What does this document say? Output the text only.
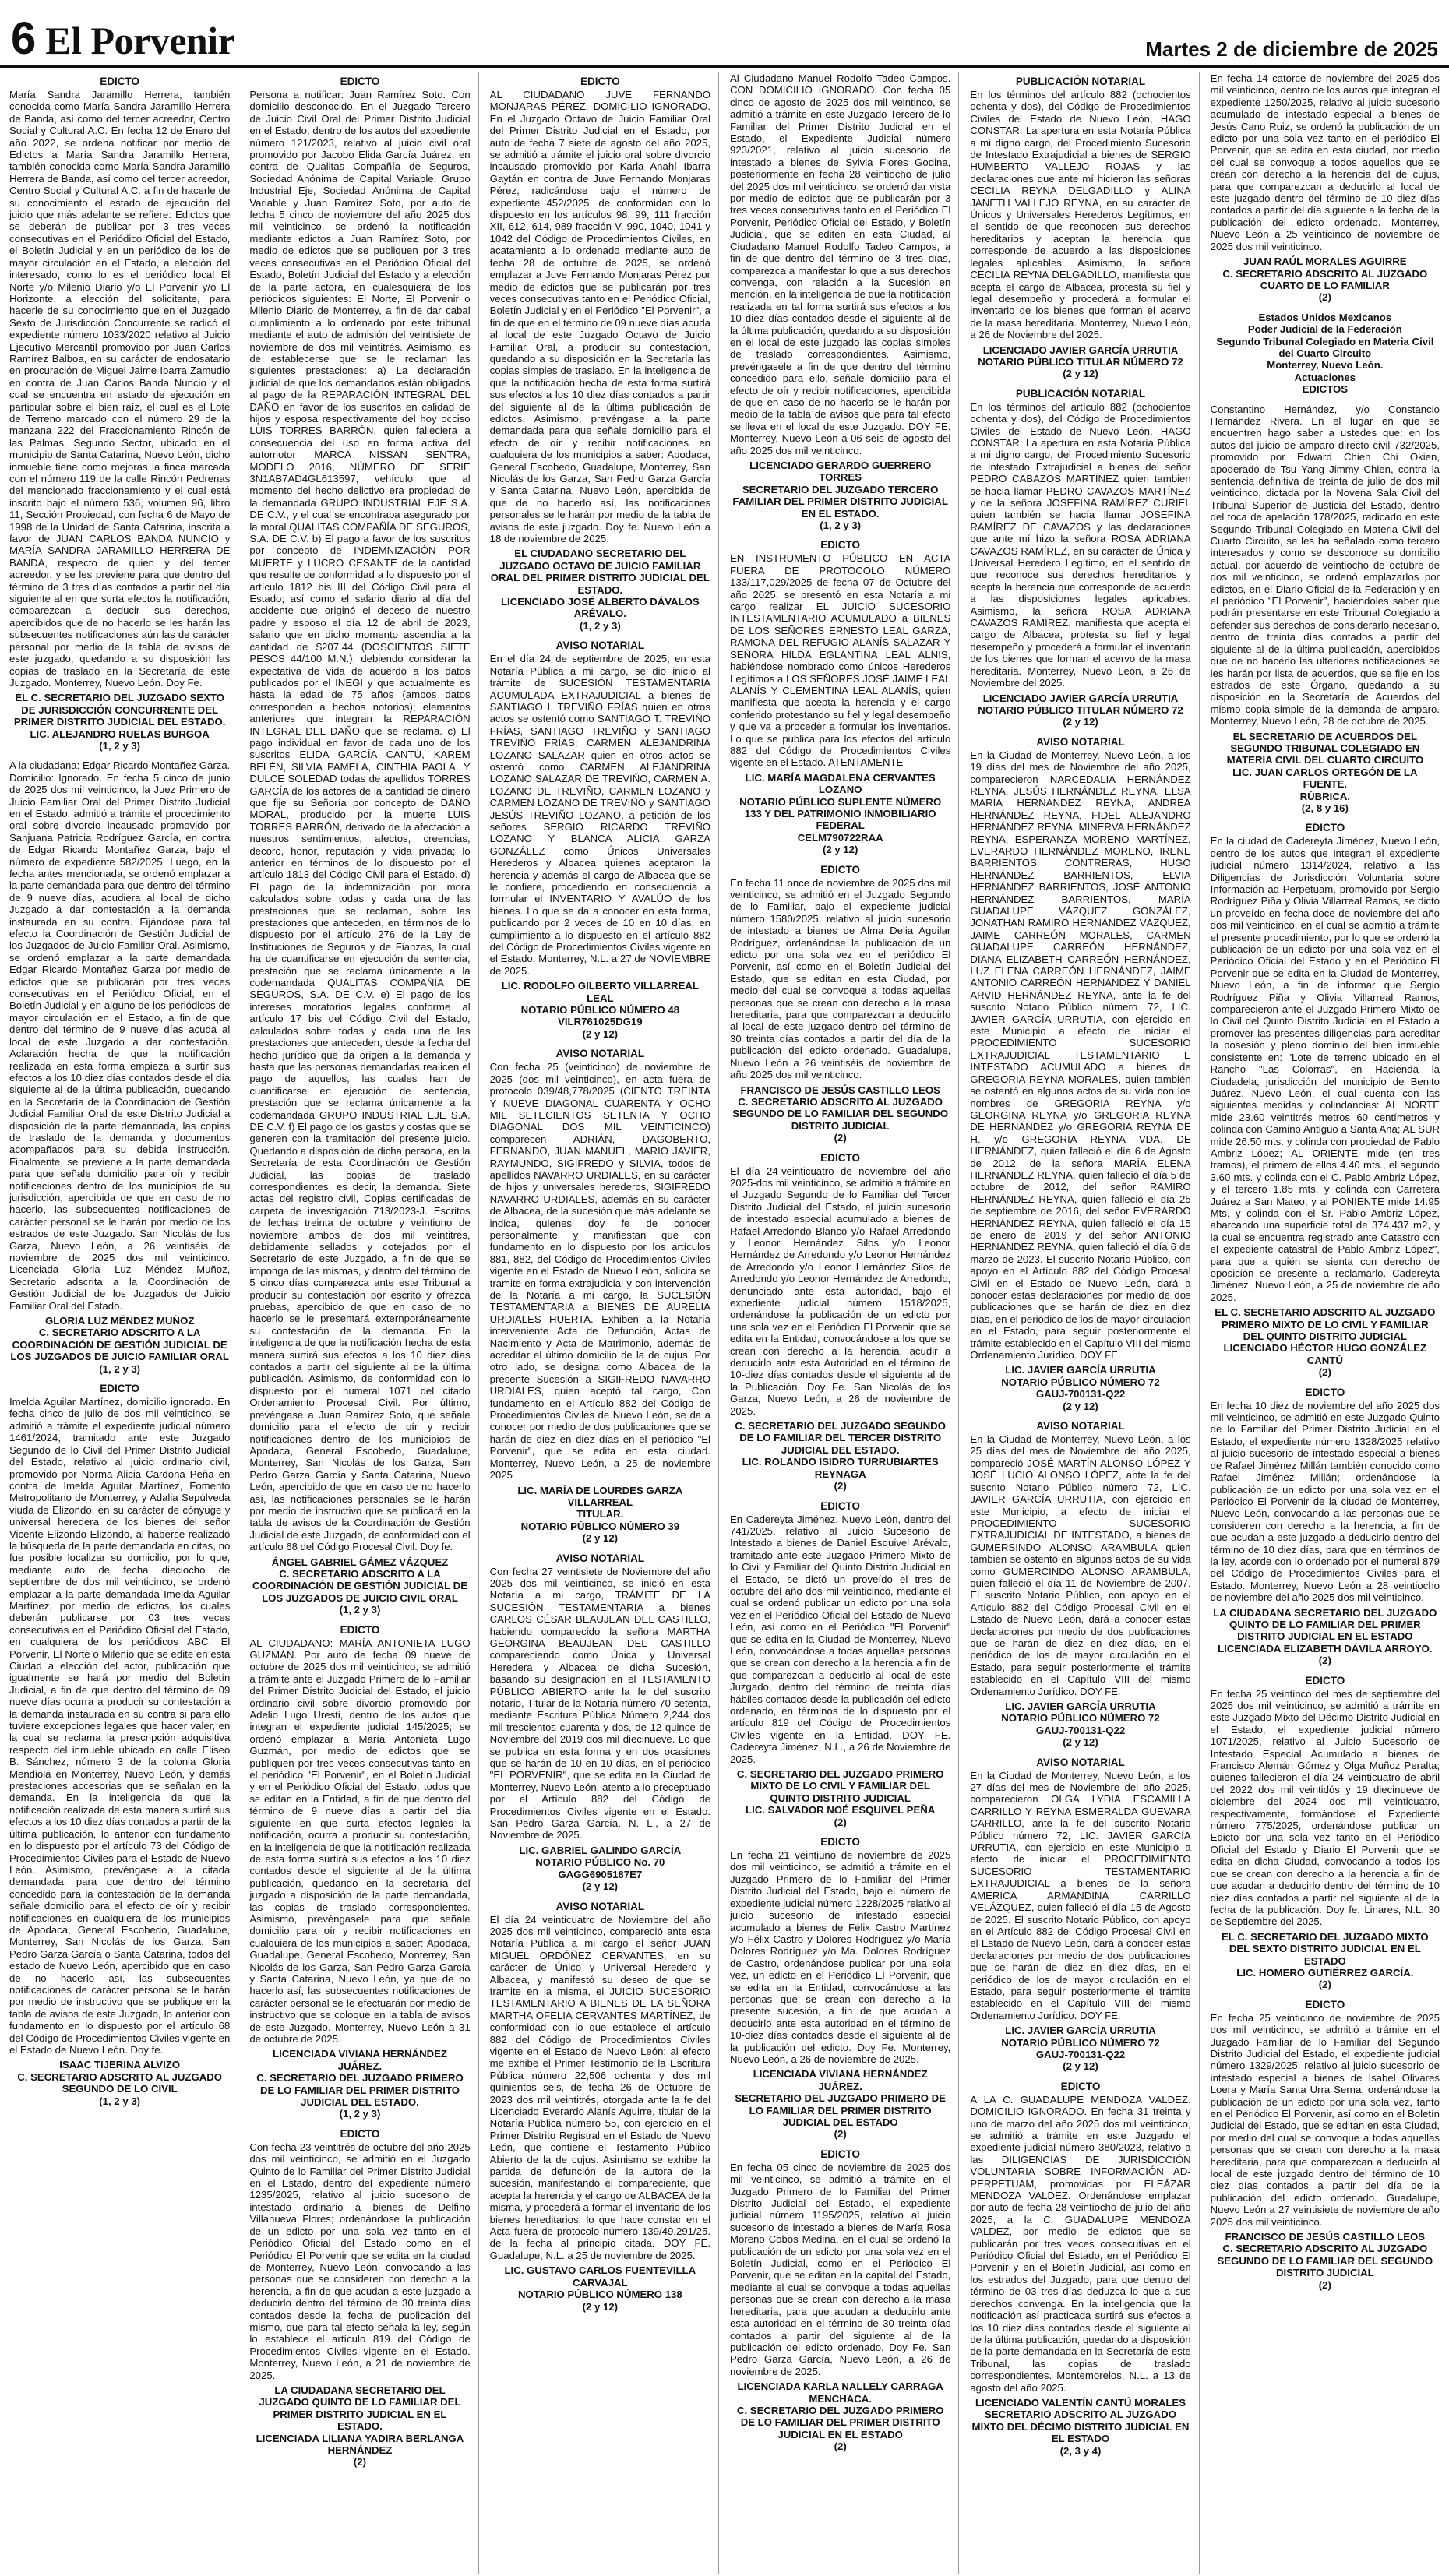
6 El Porvenir	Martes 2 de diciembre de 2025
EDICTO

María Sandra Jaramillo Herrera, también conocida como María Sandra Jaramillo Herrera de Banda, así como del tercer acreedor, Centro Social y Cultural A.C. En fecha 12 de Enero del año 2022, se ordena notificar por medio de Edictos a María Sandra Jaramillo Herrera, también conocida como María Sandra Jaramillo Herrera de Banda, así como del tercer acreedor, Centro Social y Cultural A.C. a fin de hacerle de su conocimiento el estado de ejecución del juicio que más adelante se refiere: Edictos que se deberán de publicar por 3 tres veces consecutivas en el Periódico Oficial del Estado, el Boletín Judicial y en un periódico de los de mayor circulación en el Estado, a elección del interesado, como lo es el periódico local El Norte y/o Milenio Diario y/o El Porvenir y/o El Horizonte, a elección del solicitante, para hacerle de su conocimiento que en el Juzgado Sexto de Jurisdicción Concurrente se radicó el expediente número 1033/2020 relativo al Juicio Ejecutivo Mercantil promovido por Juan Carlos Ramírez Balboa, en su carácter de endosatario en procuración de Miguel Jaime Ibarra Zamudio en contra de Juan Carlos Banda Nuncio y el cual se encuentra en estado de ejecución en particular sobre el bien raíz, el cual es el Lote de Terreno marcado con el número 29 de la manzana 222 del Fraccionamiento Rincón de las Palmas, Segundo Sector, ubicado en el municipio de Santa Catarina, Nuevo León, dicho inmueble tiene como mejoras la finca marcada con el número 119 de la calle Rincón Pedrenas del mencionado fraccionamiento y el cual está inscrito bajo el número 536, volumen 96, libro 11, Sección Propiedad, con fecha 6 de Mayo de 1998 de la Unidad de Santa Catarina, inscrita a favor de JUAN CARLOS BANDA NUNCIO y MARÍA SANDRA JARAMILLO HERRERA DE BANDA, respecto de quien y del tercer acreedor, y se les previene para que dentro del término de 3 tres días contados a partir del día siguiente al en que surta efectos la notificación, comparezcan a deducir sus derechos, apercibidos que de no hacerlo se les harán las subsecuentes notificaciones aún las de carácter personal por medio de la tabla de avisos de este juzgado, quedando a su disposición las copias de traslado en la Secretaría de este Juzgado. Monterrey, Nuevo León. Doy Fe.

EL C. SECRETARIO DEL JUZGADO SEXTO DE JURISDICCIÓN CONCURRENTE DEL PRIMER DISTRITO JUDICIAL DEL ESTADO.
LIC. ALEJANDRO RUELAS BURGOA
(1, 2 y 3)

A la ciudadana: Edgar Ricardo Montañez Garza. Domicilio: Ignorado. En fecha 5 cinco de junio de 2025 dos mil veinticinco, la Juez Primero de Juicio Familiar Oral del Primer Distrito Judicial en el Estado, admitió a trámite el procedimiento oral sobre divorcio incausado promovido por Sanjuana Patricia Rodríguez García, en contra de Edgar Ricardo Montañez Garza, bajo el número de expediente 582/2025. Luego, en la fecha antes mencionada, se ordenó emplazar a la parte demandada para que dentro del término de 9 nueve días, acudiera al local de dicho Juzgado a dar contestación a la demanda instaurada en su contra. Fijándose para tal efecto la Coordinación de Gestión Judicial de los Juzgados de Juicio Familiar Oral. Asimismo, se ordenó emplazar a la parte demandada Edgar Ricardo Montañez Garza por medio de edictos que se publicarán por tres veces consecutivas en el Periódico Oficial, en el Boletín Judicial y en alguno de los periódicos de mayor circulación en el Estado, a fin de que dentro del término de 9 nueve días acuda al local de este Juzgado a dar contestación. Aclaración hecha de que la notificación realizada en esta forma empieza a surtir sus efectos a los 10 diez días contados desde el día siguiente al de la última publicación, quedando en la Secretaría de la Coordinación de Gestión Judicial Familiar Oral de este Distrito Judicial a disposición de la parte demandada, las copias de traslado de la demanda y documentos acompañados para su debida instrucción. Finalmente, se previene a la parte demandada para que señale domicilio para oír y recibir notificaciones dentro de los municipios de su jurisdicción, apercibida de que en caso de no hacerlo, las subsecuentes notificaciones de carácter personal se le harán por medio de los estrados de este Juzgado. San Nicolás de los Garza, Nuevo León, a 26 veintiséis de noviembre de 2025 dos mil veinticinco. Licenciada Gloria Luz Méndez Muñoz, Secretario adscrita a la Coordinación de Gestión Judicial de los Juzgados de Juicio Familiar Oral del Estado.

GLORIA LUZ MÉNDEZ MUÑOZ
C. SECRETARIO ADSCRITO A LA COORDINACIÓN DE GESTIÓN JUDICIAL DE LOS JUZGADOS DE JUICIO FAMILIAR ORAL
(1, 2 y 3)

EDICTO

Imelda Aguilar Martínez, domicilio ignorado. En fecha cinco de julio de dos mil veinticinco, se admitió a trámite el expediente judicial número 1461/2024, tramitado ante este Juzgado Segundo de lo Civil del Primer Distrito Judicial del Estado, relativo al juicio ordinario civil, promovido por Norma Alicia Cardona Peña en contra de Imelda Aguilar Martínez, Fomento Metropolitano de Monterrey, y Adalia Sepúlveda viuda de Elizondo, en su carácter de cónyuge y universal heredera de los bienes del señor Vicente Elizondo Elizondo, al haberse realizado la búsqueda de la parte demandada en citas, no fue posible localizar su domicilio, por lo que, mediante auto de fecha dieciocho de septiembre de dos mil veinticinco, se ordenó emplazar a la parte demandada Imelda Aguilar Martínez, por medio de edictos, los cuales deberán publicarse por 03 tres veces consecutivas en el Periódico Oficial del Estado, en cualquiera de los periódicos ABC, El Porvenir, El Norte o Milenio que se edite en esta Ciudad a elección del actor, publicación que igualmente se hará por medio del Boletín Judicial, a fin de que dentro del término de 09 nueve días ocurra a producir su contestación a la demanda instaurada en su contra si para ello tuviere excepciones legales que hacer valer, en la cual se reclama la prescripción adquisitiva respecto del inmueble ubicado en calle Eliseo B. Sánchez, número 3 de la colonia Gloria Mendiola en Monterrey, Nuevo León, y demás prestaciones accesorias que se señalan en la demanda. En la inteligencia de que la notificación realizada de esta manera surtirá sus efectos a los 10 diez días contados a partir de la última publicación, lo anterior con fundamento en lo dispuesto por el artículo 73 del Código de Procedimientos Civiles para el Estado de Nuevo León. Asimismo, prevéngase a la citada demandada, para que dentro del término concedido para la contestación de la demanda señale domicilio para el efecto de oír y recibir notificaciones en cualquiera de los municipios de Apodaca, General Escobedo, Guadalupe, Monterrey, San Nicolás de los Garza, San Pedro Garza García o Santa Catarina, todos del estado de Nuevo León, apercibido que en caso de no hacerlo así, las subsecuentes notificaciones de carácter personal se le harán por medio de instructivo que se publique en la tabla de avisos de este Juzgado, lo anterior con fundamento en lo dispuesto por el artículo 68 del Código de Procedimientos Civiles vigente en el Estado de Nuevo León. Doy fe.

ISAAC TIJERINA ALVIZO
C. SECRETARIO ADSCRITO AL JUZGADO SEGUNDO DE LO CIVIL
(1, 2 y 3)

EDICTO

Persona a notificar: Juan Ramírez Soto. Con domicilio desconocido. En el Juzgado Tercero de Juicio Civil Oral del Primer Distrito Judicial en el Estado, dentro de los autos del expediente número 121/2023, relativo al juicio civil oral promovido por Jacobo Elida García Juárez, en contra de Qualitas Compañía de Seguros, Sociedad Anónima de Capital Variable, Grupo Industrial Eje, Sociedad Anónima de Capital Variable y Juan Ramírez Soto, por auto de fecha 5 cinco de noviembre del año 2025 dos mil veinticinco, se ordenó la notificación mediante edictos a Juan Ramírez Soto, por medio de edictos que se publiquen por 3 tres veces consecutivas en el Periódico Oficial del Estado, Boletín Judicial del Estado y a elección de la parte actora, en cualesquiera de los periódicos siguientes: El Norte, El Porvenir o Milenio Diario de Monterrey, a fin de dar cabal cumplimiento a lo ordenado por este tribunal mediante el auto de admisión del veintisiete de noviembre de dos mil veintitrés. Asimismo, es de establecerse que se le reclaman las siguientes prestaciones: a) La declaración judicial de que los demandados están obligados al pago de la REPARACIÓN INTEGRAL DEL DAÑO en favor de los suscritos en calidad de hijos y esposa respectivamente del hoy occiso LUIS TORRES BARRÓN, quien falleciera a consecuencia del uso en forma activa del automotor MARCA NISSAN SENTRA, MODELO 2016, NÚMERO DE SERIE 3N1AB7AD4GL613597, vehículo que al momento del hecho delictivo era propiedad de la demandada GRUPO INDUSTRIAL EJE S.A. DE C.V., y el cual se encontraba asegurado por la moral QUALITAS COMPAÑÍA DE SEGUROS, S.A. DE C.V. b) El pago a favor de los suscritos por concepto de INDEMNIZACIÓN POR MUERTE y LUCRO CESANTE de la cantidad que resulte de conformidad a lo dispuesto por el artículo 1812 bis III del Código Civil para el Estado; así como el salario diario al día del accidente que originó el deceso de nuestro padre y esposo el día 12 de abril de 2023, salario que en dicho momento ascendía a la cantidad de $207.44 (DOSCIENTOS SIETE PESOS 44/100 M.N.); debiendo considerar la expectativa de vida de acuerdo a los datos publicados por el INEGI y que actualmente es hasta la edad de 75 años (ambos datos corresponden a hechos notorios); elementos anteriores que integran la REPARACIÓN INTEGRAL DEL DAÑO que se reclama. c) El pago individual en favor de cada uno de los suscritos ELIDA GARCÍA CANTÚ, KAREM BELÉN, SILVIA PAMELA, CINTHIA PAOLA, Y DULCE SOLEDAD todas de apellidos TORRES GARCÍA de los actores de la cantidad de dinero que fije su Señoría por concepto de DAÑO MORAL, producido por la muerte LUIS TORRES BARRÓN, derivado de la afectación a nuestros sentimientos, afectos, creencias, decoro, honor, reputación y vida privada; lo anterior en términos de lo dispuesto por el artículo 1813 del Código Civil para el Estado. d) El pago de la indemnización por mora calculados sobre todas y cada una de las prestaciones que se reclaman, sobre las prestaciones que anteceden, en términos de lo dispuesto por el artículo 276 de la Ley de Instituciones de Seguros y de Fianzas, la cual ha de cuantificarse en ejecución de sentencia, prestación que se reclama únicamente a la codemandada QUALITAS COMPAÑÍA DE SEGUROS, S.A. DE C.V. e) El pago de los intereses moratorios legales conforme al artículo 17 bis del Código Civil del Estado, calculados sobre todas y cada una de las prestaciones que anteceden, desde la fecha del hecho jurídico que da origen a la demanda y hasta que las personas demandadas realicen el pago de aquellos, las cuales han de cuantificarse en ejecución de sentencia, prestación que se reclama únicamente a la codemandada GRUPO INDUSTRIAL EJE S.A. DE C.V. f) El pago de los gastos y costas que se generen con la tramitación del presente juicio. Quedando a disposición de dicha persona, en la Secretaría de esta Coordinación de Gestión Judicial, las copias de traslado correspondientes, es decir, la demanda. Siete actas del registro civil, Copias certificadas de carpeta de investigación 713/2023-J. Escritos de fechas treinta de octubre y veintiuno de noviembre ambos de dos mil veintitrés, debidamente sellados y cotejados por el Secretario de este Juzgado, a fin de que se imponga de las mismas, y dentro del término de 5 cinco días comparezca ante este Tribunal a producir su contestación por escrito y ofrezca pruebas, apercibido de que en caso de no hacerlo se le presentará externporáneamente su contestación de la demanda. En la inteligencia de que la notificación hecha de esta manera surtirá sus efectos a los 10 diez días contados a partir del siguiente al de la última publicación. Asimismo, de conformidad con lo dispuesto por el numeral 1071 del citado Ordenamiento Procesal Civil. Por último, prevéngase a Juan Ramírez Soto, que señale domicilio para el efecto de oír y recibir notificaciones dentro de los municipios de Apodaca, General Escobedo, Guadalupe, Monterrey, San Nicolás de los Garza, San Pedro Garza García y Santa Catarina, Nuevo León, apercibido de que en caso de no hacerlo así, las notificaciones personales se le harán por medio de instructivo que se publicará en la tabla de avisos de la Coordinación de Gestión Judicial de este Juzgado, de conformidad con el artículo 68 del Código Procesal Civil. Doy fe.

ÁNGEL GABRIEL GÁMEZ VÁZQUEZ
C. SECRETARIO ADSCRITO A LA COORDINACIÓN DE GESTIÓN JUDICIAL DE LOS JUZGADOS DE JUICIO CIVIL ORAL
(1, 2 y 3)

EDICTO

AL CIUDADANO: MARÍA ANTONIETA LUGO GUZMÁN. Por auto de fecha 09 nueve de octubre de 2025 dos mil veinticinco, se admitió a trámite ante el Juzgado Primero de lo Familiar del Primer Distrito Judicial del Estado, el juicio ordinario civil sobre divorcio promovido por Adelio Lugo Uresti, dentro de los autos que integran el expediente judicial 145/2025; se ordenó emplazar a María Antonieta Lugo Guzmán, por medio de edictos que se publiquen por tres veces consecutivas tanto en el periódico "El Porvenir", en el Boletín Judicial y en el Periódico Oficial del Estado, todos que se editan en la Entidad, a fin de que dentro del término de 9 nueve días a partir del día siguiente en que surta efectos legales la notificación, ocurra a producir su contestación, en la inteligencia de que la notificación realizada de esta forma surtirá sus efectos a los 10 diez contados desde el siguiente al de la última publicación, quedando en la secretaría del juzgado a disposición de la parte demandada, las copias de traslado correspondientes. Asimismo, prevéngasele para que señale domicilio para oír y recibir notificaciones en cualquiera de los municipios a saber: Apodaca, Guadalupe, General Escobedo, Monterrey, San Nicolás de los Garza, San Pedro Garza García y Santa Catarina, Nuevo León, ya que de no hacerlo así, las subsecuentes notificaciones de carácter personal se le efectuarán por medio de instructivo que se coloque en la tabla de avisos de este Juzgado. Monterrey, Nuevo León a 31 de octubre de 2025.

LICENCIADA VIVIANA HERNÁNDEZ JUÁREZ.
C. SECRETARIO DEL JUZGADO PRIMERO DE LO FAMILIAR DEL PRIMER DISTRITO JUDICIAL DEL ESTADO.
(1, 2 y 3)

EDICTO

Con fecha 23 veintitrés de octubre del año 2025 dos mil veinticinco, se admitió en el Juzgado Quinto de lo Familiar del Primer Distrito Judicial en el Estado, dentro del expediente número 1235/2025, relativo al juicio sucesorio de intestado ordinario a bienes de Delfino Villanueva Flores; ordenándose la publicación de un edicto por una sola vez tanto en el Periódico Oficial del Estado como en el Periódico El Porvenir que se edita en la ciudad de Monterrey, Nuevo León, convocando a las personas que se consideren con derecho a la herencia, a fin de que acudan a este juzgado a deducirlo dentro del término de 30 treinta días contados desde la fecha de publicación del mismo, que para tal efecto señala la ley, según lo establece el artículo 819 del Código de Procedimientos Civiles vigente en el Estado. Monterrey, Nuevo León, a 21 de noviembre de 2025.

LA CIUDADANA SECRETARIO DEL JUZGADO QUINTO DE LO FAMILIAR DEL PRIMER DISTRITO JUDICIAL EN EL ESTADO.
LICENCIADA LILIANA YADIRA BERLANGA HERNÁNDEZ
(2)

EDICTO

AL CIUDADANO JUVE FERNANDO MONJARAS PÉREZ. DOMICILIO IGNORADO. En el Juzgado Octavo de Juicio Familiar Oral del Primer Distrito Judicial en el Estado, por auto de fecha 7 siete de agosto del año 2025, se admitió a trámite el juicio oral sobre divorcio incausado promovido por Karla Anahí Ibarra Gaytán en contra de Juve Fernando Monjaras Pérez, radicándose bajo el número de expediente 452/2025, de conformidad con lo dispuesto en los artículos 98, 99, 111 fracción XII, 612, 614, 989 fracción V, 990, 1040, 1041 y 1042 del Código de Procedimientos Civiles, en acatamiento a lo ordenado mediante auto de fecha 28 de octubre de 2025, se ordenó emplazar a Juve Fernando Monjaras Pérez por medio de edictos que se publicarán por tres veces consecutivas tanto en el Periódico Oficial, Boletín Judicial y en el Periódico "El Porvenir", a fin de que en el término de 09 nueve días acuda al local de este Juzgado Octavo de Juicio Familiar Oral, a producir su contestación, quedando a su disposición en la Secretaría las copias simples de traslado. En la inteligencia de que la notificación hecha de esta forma surtirá sus efectos a los 10 diez días contados a partir del siguiente al de la última publicación de edictos. Asimismo, prevéngase a la parte demandada para que señale domicilio para el efecto de oír y recibir notificaciones en cualquiera de los municipios a saber: Apodaca, General Escobedo, Guadalupe, Monterrey, San Nicolás de los Garza, San Pedro Garza García y Santa Catarina, Nuevo León, apercibida de que de no hacerlo así, las notificaciones personales se le harán por medio de la tabla de avisos de este juzgado. Doy fe. Nuevo León a 18 de noviembre de 2025.

EL CIUDADANO SECRETARIO DEL JUZGADO OCTAVO DE JUICIO FAMILIAR ORAL DEL PRIMER DISTRITO JUDICIAL DEL ESTADO.
LICENCIADO JOSÉ ALBERTO DÁVALOS ARÉVALO.
(1, 2 y 3)

AVISO NOTARIAL

En el día 24 de septiembre de 2025, en esta Notaría Pública a mi cargo, se dio inicio al trámite de SUCESIÓN TESTAMENTARIA ACUMULADA EXTRAJUDICIAL a bienes de SANTIAGO I. TREVIÑO FRÍAS quien en otros actos se ostentó como SANTIAGO T. TREVIÑO FRÍAS, SANTIAGO TREVIÑO y SANTIAGO TREVIÑO FRÍAS; CARMEN ALEJANDRINA LOZANO SALAZAR quien en otros actos se ostentó como CARMEN ALEJANDRINA LOZANO SALAZAR DE TREVIÑO, CARMEN A. LOZANO DE TREVIÑO, CARMEN LOZANO y CARMEN LOZANO DE TREVIÑO y SANTIAGO JESÚS TREVIÑO LOZANO, a petición de los señores SERGIO RICARDO TREVIÑO LOZANO Y BLANCA ALICIA GARZA GONZÁLEZ como Únicos Universales Herederos y Albacea quienes aceptaron la herencia y además el cargo de Albacea que se le confiere, procediendo en consecuencia a formular el INVENTARIO Y AVALÚO de los bienes. Lo que se da a conocer en esta forma, publicando por 2 veces de 10 en 10 días, en cumplimiento a lo dispuesto en el artículo 882 del Código de Procedimientos Civiles vigente en el Estado. Monterrey, N.L. a 27 de NOVIEMBRE de 2025.

LIC. RODOLFO GILBERTO VILLARREAL LEAL
NOTARIO PÚBLICO NÚMERO 48
VILR761025DG19
(2 y 12)

AVISO NOTARIAL

Con fecha 25 (veinticinco) de noviembre de 2025 (dos mil veinticinco), en acta fuera de protocolo 039/48,778/2025 (CIENTO TREINTA Y NUEVE DIAGONAL CUARENTA Y OCHO MIL SETECIENTOS SETENTA Y OCHO DIAGONAL DOS MIL VEINTICINCO) comparecen ADRIÁN, DAGOBERTO, FERNANDO, JUAN MANUEL, MARIO JAVIER, RAYMUNDO, SIGIFREDO y SILVIA, todos de apellidos NAVARRO URDIALES, en su carácter de hijos y universales herederos, SIGIFREDO NAVARRO URDIALES, además en su carácter de Albacea, de la sucesión que más adelante se indica, quienes doy fe de conocer personalmente y manifiestan que con fundamento en lo dispuesto por los artículos 881, 882, del Código de Procedimientos Civiles vigente en el Estado de Nuevo León, solicita se tramite en forma extrajudicial y con intervención de la Notaría a mi cargo, la SUCESIÓN TESTAMENTARIA a BIENES DE AURELIA URDIALES HUERTA. Exhiben a la Notaría interveniente Acta de Defunción, Actas de Nacimiento y Acta de Matrimonio, además de acreditar el último domicilio de la de cujus. Por otro lado, se designa como Albacea de la presente Sucesión a SIGIFREDO NAVARRO URDIALES, quien aceptó tal cargo, Con fundamento en el Artículo 882 del Código de Procedimientos Civiles de Nuevo León, se da a conocer por medio de dos publicaciones que se harán de diez en diez días en el periódico "El Porvenir", que se edita en esta ciudad. Monterrey, Nuevo León, a 25 de noviembre 2025

LIC. MARÍA DE LOURDES GARZA VILLARREAL
TITULAR.
NOTARIO PÚBLICO NÚMERO 39
(2 y 12)

AVISO NOTARIAL

Con fecha 27 veintisiete de Noviembre del año 2025 dos mil veinticinco, se inició en esta Notaría a mi cargo, TRÁMITE DE LA SUCESIÓN TESTAMENTARIA a bienes CARLOS CÉSAR BEAUJEAN DEL CASTILLO, habiendo comparecido la señora MARTHA GEORGINA BEAUJEAN DEL CASTILLO compareciendo como Única y Universal Heredera y Albacea de dicha Sucesión, basando su designación en el TESTAMENTO PÚBLICO ABIERTO ante la fe del suscrito notario, Titular de la Notaría número 70 setenta, mediante Escritura Pública Número 2,244 dos mil trescientos cuarenta y dos, de 12 quince de Noviembre del 2019 dos mil diecinueve. Lo que se publica en esta forma y en dos ocasiones que se harán de 10 en 10 días, en el periódico "EL PORVENIR", que se edita en la Ciudad de Monterrey, Nuevo León, atento a lo preceptuado por el Artículo 882 del Código de Procedimientos Civiles vigente en el Estado. San Pedro Garza García, N. L., a 27 de Noviembre de 2025.

LIC. GABRIEL GALINDO GARCÍA
NOTARIO PÚBLICO No. 70
GAGG6905187E7
(2 y 12)

AVISO NOTARIAL

El día 24 veinticuatro de Noviembre del año 2025 dos mil veinticinco, compareció ante esta Notaría Pública a mi cargo el señor JUAN MIGUEL ORDÓÑEZ CERVANTES, en su carácter de Único y Universal Heredero y Albacea, y manifestó su deseo de que se tramite en la misma, el JUICIO SUCESORIO TESTAMENTARIO A BIENES DE LA SEÑORA MARTHA OFELIA CERVANTES MARTÍNEZ, de conformidad con lo que establece el artículo 882 del Código de Procedimientos Civiles vigente en el Estado de Nuevo León; al efecto me exhibe el Primer Testimonio de la Escritura Pública número 22,506 ochenta y dos mil quinientos seis, de fecha 26 de Octubre de 2023 dos mil veintitrés, otorgada ante la fe del Licenciado Everardo Alanís Aguirre, titular de la Notaría Pública número 55, con ejercicio en el Primer Distrito Registral en el Estado de Nuevo León, que contiene el Testamento Público Abierto de la de cujus. Asimismo se exhibe la partida de defunción de la autora de la sucesión, manifestando el compareciente, que acepta la herencia y el cargo de ALBACEA de la misma, y procederá a formar el inventario de los bienes hereditarios; lo que hace constar en el Acta fuera de protocolo número 139/49,291/25. de la fecha al principio citada. DOY FE. Guadalupe, N.L. a 25 de noviembre de 2025.

LIC. GUSTAVO CARLOS FUENTEVILLA CARVAJAL
NOTARIO PÚBLICO NÚMERO 138
(2 y 12)

Al Ciudadano Manuel Rodolfo Tadeo Campos. CON DOMICILIO IGNORADO. Con fecha 05 cinco de agosto de 2025 dos mil veintinco, se admitió a trámite en este Juzgado Tercero de lo Familiar del Primer Distrito Judicial en el Estado, el Expediente Judicial número 923/2021, relativo al juicio sucesorio de intestado a bienes de Sylvia Flores Godina, posteriormente en fecha 28 veintiocho de julio del 2025 dos mil veinticinco, se ordenó dar vista por medio de edictos que se publicarán por 3 tres veces consecutivas tanto en el Periódico El Porvenir, Periódico Oficial del Estado, y Boletín Judicial, que se editen en esta Ciudad, al Ciudadano Manuel Rodolfo Tadeo Campos, a fin de que dentro del término de 3 tres días, comparezca a manifestar lo que a sus derechos convenga, con relación a la Sucesión en mención, en la inteligencia de que la notificación realizada en tal forma surtirá sus efectos a los 10 diez días contados desde el siguiente al de la última publicación, quedando a su disposición en el local de este juzgado las copias simples de traslado correspondientes. Asimismo, prevéngasele a fin de que dentro del término concedido para ello, señale domicilio para el efecto de oír y recibir notificaciones, apercibida de que en caso de no hacerlo se le harán por medio de la tabla de avisos que para tal efecto se lleva en el local de este Juzgado. DOY FE. Monterrey, Nuevo León a 06 seis de agosto del año 2025 dos mil veinticinco.

LICENCIADO GERARDO GUERRERO TORRES
SECRETARIO DEL JUZGADO TERCERO FAMILIAR DEL PRIMER DISTRITO JUDICIAL EN EL ESTADO.
(1, 2 y 3)

EDICTO

EN INSTRUMENTO PÚBLICO EN ACTA FUERA DE PROTOCOLO NÚMERO 133/117,029/2025 de fecha 07 de Octubre del año 2025, se presentó en esta Notaría a mi cargo realizar EL JUICIO SUCESORIO INTESTAMENTARIO ACUMULADO a BIENES DE LOS SEÑORES ERNESTO LEAL GARZA, RAMONA DEL REFUGIO ALANÍS SALAZAR Y SEÑORA HILDA EGLANTINA LEAL ALNIS, habiéndose nombrado como únicos Herederos Legítimos a LOS SEÑORES JOSÉ JAIME LEAL ALANÍS Y CLEMENTINA LEAL ALANÍS, quien manifiesta que acepta la herencia y el cargo conferido protestando su fiel y legal desempeño y que va a proceder a formular los inventarios. Lo que se publica para los efectos del artículo 882 del Código de Procedimientos Civiles vigente en el Estado. ATENTAMENTE

LIC. MARÍA MAGDALENA CERVANTES LOZANO
NOTARIO PÚBLICO SUPLENTE NÚMERO 133 Y DEL PATRIMONIO INMOBILIARIO FEDERAL
CELM790722RAA
(2 y 12)

EDICTO

En fecha 11 once de noviembre de 2025 dos mil veinticinco, se admitió en el Juzgado Segundo de lo Familiar, bajo el expediente judicial número 1580/2025, relativo al juicio sucesorio de intestado a bienes de Alma Delia Aguilar Rodríguez, ordenándose la publicación de un edicto por una sola vez en el periódico El Porvenir, así como en el Boletín Judicial del Estado, que se editan en esta Ciudad, por medio del cual se convoque a todas aquellas personas que se crean con derecho a la masa hereditaria, para que comparezcan a deducirlo al local de este juzgado dentro del término de 30 treinta días contados a partir del día de la publicación del edicto ordenado. Guadalupe, Nuevo León a 26 veintiséis de noviembre de año 2025 dos mil veinticinco.

FRANCISCO DE JESÚS CASTILLO LEOS
C. SECRETARIO ADSCRITO AL JUZGADO SEGUNDO DE LO FAMILIAR DEL SEGUNDO DISTRITO JUDICIAL
(2)

EDICTO

El día 24-veinticuatro de noviembre del año 2025-dos mil veinticinco, se admitió a trámite en el Juzgado Segundo de lo Familiar del Tercer Distrito Judicial del Estado, el juicio sucesorio de intestado especial acumulado a bienes de Rafael Arredondo Blanco y/o Rafael Arredondo y Leonor Hernández Silos y/o Leonor Hernández de Arredondo y/o Leonor Hernández de Arredondo y/o Leonor Hernández Silos de Arredondo y/o Leonor Hernández de Arredondo, denunciado ante esta autoridad, bajo el expediente judicial número 1518/2025, ordenándose la publicación de un edicto por una sola vez en el Periódico El Porvenir, que se edita en la Entidad, convocándose a los que se crean con derecho a la herencia, acudir a deducirlo ante esta Autoridad en el término de 10-diez días contados desde el siguiente al de la Publicación. Doy Fe. San Nicolás de los Garza, Nuevo León, a 26 de noviembre de 2025.

C. SECRETARIO DEL JUZGADO SEGUNDO DE LO FAMILIAR DEL TERCER DISTRITO JUDICIAL DEL ESTADO.
LIC. ROLANDO ISIDRO TURRUBIARTES REYNAGA
(2)

EDICTO

En Cadereyta Jiménez, Nuevo León, dentro del 741/2025, relativo al Juicio Sucesorio de Intestado a bienes de Daniel Esquivel Arévalo, tramitado ante este Juzgado Primero Mixto de lo Civil y Familiar del Quinto Distrito Judicial en el Estado, se dictó un proveído el tres de octubre del año dos mil veinticinco, mediante el cual se ordenó publicar un edicto por una sola vez en el Periódico Oficial del Estado de Nuevo León, así como en el Periódico "El Porvenir" que se edita en la Ciudad de Monterrey, Nuevo León, convocándose a todas aquellas personas que se crean con derecho a la herencia a fin de que comparezcan a deducirlo al local de este Juzgado, dentro del término de treinta días hábiles contados desde la publicación del edicto ordenado, en términos de lo dispuesto por el artículo 819 del Código de Procedimientos Civiles vigente en la Entidad. DOY FE. Cadereyta Jiménez, N.L., a 26 de Noviembre de 2025.

C. SECRETARIO DEL JUZGADO PRIMERO MIXTO DE LO CIVIL Y FAMILIAR DEL QUINTO DISTRITO JUDICIAL
LIC. SALVADOR NOÉ ESQUIVEL PEÑA
(2)

EDICTO

En fecha 21 veintiuno de noviembre de 2025 dos mil veinticinco, se admitió a trámite en el Juzgado Primero de lo Familiar del Primer Distrito Judicial del Estado, bajo el número de expediente judicial número 1228/2025 relativo al juicio sucesorio de intestado especial acumulado a bienes de Félix Castro Martínez y/o Félix Castro y Dolores Rodríguez y/o María Dolores Rodríguez y/o Ma. Dolores Rodríguez de Castro, ordenándose publicar por una sola vez, un edicto en el Periódico El Porvenir, que se edita en la Entidad, convocándose a las personas que se crean con derecho a la presente sucesión, a fin de que acudan a deducirlo ante esta autoridad en el término de 10-diez días contados desde el siguiente al de la publicación del edicto. Doy Fe. Monterrey, Nuevo León, a 26 de noviembre de 2025.

LICENCIADA VIVIANA HERNÁNDEZ JUÁREZ.
SECRETARIO DEL JUZGADO PRIMERO DE LO FAMILIAR DEL PRIMER DISTRITO JUDICIAL DEL ESTADO
(2)

EDICTO

En fecha 05 cinco de noviembre de 2025 dos mil veinticinco, se admitió a trámite en el Juzgado Primero de lo Familiar del Primer Distrito Judicial del Estado, el expediente judicial número 1195/2025, relativo al juicio sucesorio de intestado a bienes de María Rosa Moreno Cobos Medina, en el cual se ordenó la publicación de un edicto por una sola vez en el Boletín Judicial, como en el Periódico El Porvenir, que se editan en la capital del Estado, mediante el cual se convoque a todas aquellas personas que se crean con derecho a la masa hereditaria, para que acudan a deducirlo ante esta autoridad en el término de 30 treinta días contados a partir del siguiente al de la publicación del edicto ordenado. Doy Fe. San Pedro Garza García, Nuevo León, a 26 de noviembre de 2025.

LICENCIADA KARLA NALLELY CARRAGA MENCHACA.
C. SECRETARIO DEL JUZGADO PRIMERO DE LO FAMILIAR DEL PRIMER DISTRITO JUDICIAL EN EL ESTADO
(2)

PUBLICACIÓN NOTARIAL

En los términos del artículo 882 (ochocientos ochenta y dos), del Código de Procedimientos Civiles del Estado de Nuevo León, HAGO CONSTAR: La apertura en esta Notaría Pública a mi digno cargo, del Procedimiento Sucesorio de Intestado Extrajudicial a bienes de SERGIO HUMBERTO VALLEJO ROJAS y las declaraciones que ante mí hicieron las señoras CECILIA REYNA DELGADILLO y ALINA JANETH VALLEJO REYNA, en su carácter de Únicos y Universales Herederos Legítimos, en el sentido de que reconocen sus derechos hereditarios y aceptan la herencia que corresponde de acuerdo a las disposiciones legales aplicables. Asimismo, la señora CECILIA REYNA DELGADILLO, manifiesta que acepta el cargo de Albacea, protesta su fiel y legal desempeño y procederá a formular el inventario de los bienes que forman el acervo de la masa hereditaria. Monterrey, Nuevo León, a 26 de Noviembre del 2025.

LICENCIADO JAVIER GARCÍA URRUTIA
NOTARIO PÚBLICO TITULAR NÚMERO 72
(2 y 12)

PUBLICACIÓN NOTARIAL

En los términos del artículo 882 (ochocientos ochenta y dos), del Código de Procedimientos Civiles del Estado de Nuevo León, HAGO CONSTAR: La apertura en esta Notaría Pública a mi digno cargo, del Procedimiento Sucesorio de Intestado Extrajudicial a bienes del señor PEDRO CABAZOS MARTÍNEZ quien tambien se hacia llamar PEDRO CAVAZOS MARTÍNEZ y de la señora JOSEFINA RAMÍREZ CURIEL quien también se hacía llamar JOSEFINA RAMÍREZ DE CAVAZOS y las declaraciones que ante mí hizo la señora ROSA ADRIANA CAVAZOS RAMÍREZ, en su carácter de Única y Universal Heredero Legítimo, en el sentido de que reconoce sus derechos hereditarios y acepta la herencia que corresponde de acuerdo a las disposiciones legales aplicables. Asimismo, la señora ROSA ADRIANA CAVAZOS RAMÍREZ, manifiesta que acepta el cargo de Albacea, protesta su fiel y legal desempeño y procederá a formular el inventario de los bienes que forman el acervo de la masa hereditaria. Monterrey, Nuevo León, a 26 de Noviembre del 2025.

LICENCIADO JAVIER GARCÍA URRUTIA
NOTARIO PÚBLICO TITULAR NÚMERO 72
(2 y 12)

AVISO NOTARIAL

En la Ciudad de Monterrey, Nuevo León, a los 19 días del mes de Noviembre del año 2025, comparecieron NARCEDALIA HERNÁNDEZ REYNA, JESÚS HERNÁNDEZ REYNA, ELSA MARÍA HERNÁNDEZ REYNA, ANDREA HERNÁNDEZ REYNA, FIDEL ALEJANDRO HERNÁNDEZ REYNA, MINERVA HERNÁNDEZ REYNA, ESPERANZA MORENO MARTÍNEZ, EVERARDO HERNÁNDEZ MORENO, IRENE BARRIENTOS CONTRERAS, HUGO HERNÁNDEZ BARRIENTOS, ELVIA HERNÁNDEZ BARRIENTOS, JOSÉ ANTONIO HERNÁNDEZ BARRIENTOS, MARÍA GUADALUPE VÁZQUEZ GONZÁLEZ, JONATHAN RAMIRO HERNÁNDEZ VÁZQUEZ, JAIME CARREÓN MORALES, CARMEN GUADALUPE CARREÓN HERNÁNDEZ, DIANA ELIZABETH CARREÓN HERNÁNDEZ, LUZ ELENA CARREÓN HERNÁNDEZ, JAIME ANTONIO CARREÓN HERNÁNDEZ Y DANIEL ARVID HERNÁNDEZ REYNA, ante la fe del suscrito Notario Público número 72, LIC. JAVIER GARCÍA URRUTIA, con ejercicio en este Municipio a efecto de iniciar el PROCEDIMIENTO SUCESORIO EXTRAJUDICIAL TESTAMENTARIO E INTESTADO ACUMULADO a bienes de GREGORIA REYNA MORALES, quien también se ostentó en algunos actos de su vida con los nombres de GREGORIA REYNA y/o GEORGINA REYNA y/o GREGORIA REYNA DE HERNÁNDEZ y/o GREGORIA REYNA DE H. y/o GREGORIA REYNA VDA. DE HERNÁNDEZ, quien falleció el día 6 de Agosto de 2012, de la señora MARÍA ELENA HERNÁNDEZ REYNA, quien falleció el día 5 de octubre de 2012, del señor RAMIRO HERNÁNDEZ REYNA, quien falleció el día 25 de septiembre de 2016, del señor EVERARDO HERNÁNDEZ REYNA, quien falleció el día 15 de enero de 2019 y del señor ANTONIO HERNÁNDEZ REYNA, quien falleció el día 6 de marzo de 2023. El suscrito Notario Público, con apoyo en el Artículo 882 del Código Procesal Civil en el Estado de Nuevo León, dará a conocer estas declaraciones por medio de dos publicaciones que se harán de diez en diez días, en el periódico de los de mayor circulación en el Estado, para seguir posteriormente el trámite establecido en el Capítulo VIII del mismo Ordenamiento Jurídico. DOY FE.

LIC. JAVIER GARCÍA URRUTIA
NOTARIO PÚBLICO NÚMERO 72
GAUJ-700131-Q22
(2 y 12)

AVISO NOTARIAL

En la Ciudad de Monterrey, Nuevo León, a los 25 días del mes de Noviembre del año 2025, compareció JOSÉ MARTÍN ALONSO LÓPEZ Y JOSÉ LUCIO ALONSO LÓPEZ, ante la fe del suscrito Notario Público número 72, LIC. JAVIER GARCÍA URRUTIA, con ejercicio en este Municipio, a efecto de iniciar el PROCEDIMIENTO SUCESORIO EXTRAJUDICIAL DE INTESTADO, a bienes de GUMERSINDO ALONSO ARAMBULA quien también se ostentó en algunos actos de su vida como GUMERCINDO ALONSO ARAMBULA, quien falleció el día 11 de Noviembre de 2007. El suscrito Notario Público, con apoyo en el Artículo 882 del Código Procesal Civil en el Estado de Nuevo León, dará a conocer estas declaraciones por medio de dos publicaciones que se harán de diez en diez días, en el periódico de los de mayor circulación en el Estado, para seguir posteriormente el trámite establecido en el Capítulo VIII del mismo Ordenamiento Jurídico. DOY FE.

LIC. JAVIER GARCÍA URRUTIA
NOTARIO PÚBLICO NÚMERO 72
GAUJ-700131-Q22
(2 y 12)

AVISO NOTARIAL

En la Ciudad de Monterrey, Nuevo León, a los 27 días del mes de Noviembre del año 2025, comparecieron OLGA LYDIA ESCAMILLA CARRILLO Y REYNA ESMERALDA GUEVARA CARRILLO, ante la fe del suscrito Notario Público número 72, LIC. JAVIER GARCÍA URRUTIA, con ejercicio en este Municipio a efecto de iniciar el PROCEDIMIENTO SUCESORIO TESTAMENTARIO EXTRAJUDICIAL a bienes de la señora AMÉRICA ARMANDINA CARRILLO VELÁZQUEZ, quien falleció el día 15 de Agosto de 2025. El suscrito Notario Público, con apoyo en el Artículo 882 del Código Procesal Civil en el Estado de Nuevo León, dará a conocer estas declaraciones por medio de dos publicaciones que se harán de diez en diez días, en el periódico de los de mayor circulación en el Estado, para seguir posteriormente el trámite establecido en el Capítulo VIII del mismo Ordenamiento Jurídico. DOY FE.

LIC. JAVIER GARCÍA URRUTIA
NOTARIO PÚBLICO NÚMERO 72
GAUJ-700131-Q22
(2 y 12)

EDICTO

A LA C. GUADALUPE MENDOZA VALDEZ. DOMICILIO IGNORADO. En fecha 31 treinta y uno de marzo del año 2025 dos mil veinticinco, se admitió a trámite en este Juzgado el expediente judicial número 380/2023, relativo a las DILIGENCIAS DE JURISDICCIÓN VOLUNTARIA SOBRE INFORMACIÓN AD-PERPETUAM, promovidas por ELEÁZAR MENDOZA VALDEZ. Ordenándose emplazar por auto de fecha 28 veintiocho de julio del año 2025, a la C. GUADALUPE MENDOZA VALDEZ, por medio de edictos que se publicarán por tres veces consecutivas en el Periódico Oficial del Estado, en el Periódico El Porvenir y en el Boletín Judicial, así como en los estrados del Juzgado, para que dentro del término de 03 tres días deduzca lo que a sus derechos convenga. En la inteligencia que la notificación así practicada surtirá sus efectos a los 10 diez días contados desde el siguiente al de la última publicación, quedando a disposición de la parte demandada en la Secretaría de este Tribunal, las copias de traslado correspondientes. Montemorelos, N.L. a 13 de agosto del año 2025.

LICENCIADO VALENTÍN CANTÚ MORALES
SECRETARIO ADSCRITO AL JUZGADO MIXTO DEL DÉCIMO DISTRITO JUDICIAL EN EL ESTADO
(2, 3 y 4)

En fecha 14 catorce de noviembre del 2025 dos mil veinticinco, dentro de los autos que integran el expediente 1250/2025, relativo al juicio sucesorio acumulado de intestado especial a bienes de Jesús Cano Ruiz, se ordenó la publicación de un edicto por una sola vez tanto en el periódico El Porvenir, que se edita en esta ciudad, por medio del cual se convoque a todos aquellos que se crean con derecho a la herencia del de cujus, para que comparezcan a deducirlo al local de este juzgado dentro del término de 10 diez días contados a partir del día siguiente a la fecha de la publicación del edicto ordenado. Monterrey, Nuevo León a 25 veinticinco de noviembre de 2025 dos mil veinticinco.

JUAN RAÚL MORALES AGUIRRE
C. SECRETARIO ADSCRITO AL JUZGADO CUARTO DE LO FAMILIAR
(2)

Estados Unidos Mexicanos
Poder Judicial de la Federación
Segundo Tribunal Colegiado en Materia Civil del Cuarto Circuito
Monterrey, Nuevo León.
Actuaciones
EDICTOS

Constantino Hernández, y/o Constancio Hernández Rivera. En el lugar en que se encuentren hago saber a ustedes que: en los autos del juicio de amparo directo civil 732/2025, promovido por Edward Chien Chi Okien, apoderado de Tsu Yang Jimmy Chien, contra la sentencia definitiva de treinta de julio de dos mil veinticinco, dictada por la Novena Sala Civil del Tribunal Superior de Justicia del Estado, dentro del toca de apelación 178/2025, radicado en este Segundo Tribunal Colegiado en Materia Civil del Cuarto Circuito, se les ha señalado como tercero interesados y como se desconoce su domicilio actual, por acuerdo de veintiocho de octubre de dos mil veinticinco, se ordenó emplazarlos por edictos, en el Diario Oficial de la Federación y en el periódico "El Porvenir", haciéndoles saber que podrán presentarse en este Tribunal Colegiado a defender sus derechos de considerarlo necesario, dentro de treinta días contados a partir del siguiente al de la última publicación, apercibidos que de no hacerlo las ulteriores notificaciones se les harán por lista de acuerdos, que se fije en los estrados de este Órgano, quedando a su disposición en la Secretaría de Acuerdos del mismo copia simple de la demanda de amparo. Monterrey, Nuevo León, 28 de octubre de 2025.

EL SECRETARIO DE ACUERDOS DEL SEGUNDO TRIBUNAL COLEGIADO EN MATERIA CIVIL DEL CUARTO CIRCUITO
LIC. JUAN CARLOS ORTEGÓN DE LA FUENTE.
RÚBRICA.
(2, 8 y 16)

EDICTO

En la ciudad de Cadereyta Jiménez, Nuevo León, dentro de los autos que integran el expediente judicial número 1314/2024, relativo a las Diligencias de Jurisdicción Voluntaria sobre Información ad Perpetuam, promovido por Sergio Rodríguez Piña y Olivia Villarreal Ramos, se dictó un proveído en fecha doce de noviembre del año dos mil veinticinco, en el cual se admitió a trámite el presente procedimiento, por lo que se ordenó la publicación de un edicto por una sola vez en el Periódico Oficial del Estado y en el Periódico El Porvenir que se edita en la Ciudad de Monterrey, Nuevo León, a fin de informar que Sergio Rodríguez Piña y Olivia Villarreal Ramos, comparecieron ante el Juzgado Primero Mixto de lo Civil del Quinto Distrito Judicial en el Estado a promover las presentes diligencias para acreditar la posesión y pleno dominio del bien inmueble consistente en: "Lote de terreno ubicado en el Rancho "Las Colorras", en Hacienda la Ciudadela, jurisdicción del municipio de Benito Juárez, Nuevo León, el cual cuenta con las siguientes medidas y colindancias: AL NORTE mide 23.60 veintitrés metros 60 centímetros y colinda con Camino Antiguo a Santa Ana; AL SUR mide 26.50 mts. y colinda con propiedad de Pablo Ambriz López; AL ORIENTE mide (en tres tramos), el primero de ellos 4.40 mts., el segundo 3.60 mts. y colinda con el C. Pablo Ambriz López, y el tercero 1.85 mts. y colinda con Carretera Juárez a San Mateo; y al PONIENTE mide 14.95 Mts. y colinda con el Sr. Pablo Ambriz López, abarcando una superficie total de 374.437 m2, y la cual se encuentra registrado ante Catastro con el expediente catastral de Pablo Ambriz López", para que a quién se sienta con derecho de oposición se presente a reclamarlo. Cadereyta Jiménez, Nuevo León, a 25 de noviembre de año 2025.

EL C. SECRETARIO ADSCRITO AL JUZGADO PRIMERO MIXTO DE LO CIVIL Y FAMILIAR DEL QUINTO DISTRITO JUDICIAL
LICENCIADO HÉCTOR HUGO GONZÁLEZ CANTÚ
(2)

EDICTO

En fecha 10 diez de noviembre del año 2025 dos mil veinticinco, se admitió en este Juzgado Quinto de lo Familiar del Primer Distrito Judicial en el Estado, el expediente número 1328/2025 relativo al juicio sucesorio de intestado especial a bienes de Rafael Jiménez Millán también conocido como Rafael Jiménez Millán; ordenándose la publicación de un edicto por una sola vez en el Periódico El Porvenir de la ciudad de Monterrey, Nuevo León, convocando a las personas que se consideren con derecho a la herencia, a fin de que acudan a este juzgado a deducirlo dentro del término de 10 diez días, para que en términos de la ley, acorde con lo ordenado por el numeral 879 del Código de Procedimientos Civiles para el Estado. Monterrey, Nuevo León a 28 veintiocho de noviembre del año 2025 dos mil veinticinco.

LA CIUDADANA SECRETARIO DEL JUZGADO QUINTO DE LO FAMILIAR DEL PRIMER DISTRITO JUDICIAL EN EL ESTADO
LICENCIADA ELIZABETH DÁVILA ARROYO.
(2)

EDICTO

En fecha 25 veintinco del mes de septiembre del 2025 dos mil veinticinco, se admitió a trámite en este Juzgado Mixto del Décimo Distrito Judicial en el Estado, el expediente judicial número 1071/2025, relativo al Juicio Sucesorio de Intestado Especial Acumulado a bienes de Francisco Alemán Gómez y Olga Muñoz Peralta; quienes fallecieron el día 24 veinticuatro de abril del 2022 dos mil veintidós y 19 diecinueve de diciembre del 2024 dos mil veinticuatro, respectivamente, formándose el Expediente número 775/2025, ordenándose publicar un Edicto por una sola vez tanto en el Periódico Oficial del Estado y Diario El Porvenir que se edita en dicha Ciudad, convocando a todos los que se crean con derecho a la herencia a fin de que acudan a deducirlo dentro del término de 10 diez días contados a partir del siguiente al de la fecha de la publicación. Doy fe. Linares, N.L. 30 de Septiembre del 2025.

EL C. SECRETARIO DEL JUZGADO MIXTO DEL SEXTO DISTRITO JUDICIAL EN EL ESTADO
LIC. HOMERO GUTIÉRREZ GARCÍA.
(2)

EDICTO

En fecha 25 veinticinco de noviembre de 2025 dos mil veinticinco, se admitió a trámite en el Juzgado Familiar de lo Familiar del Segundo Distrito Judicial del Estado, el expediente judicial número 1329/2025, relativo al juicio sucesorio de intestado especial a bienes de Isabel Olivares Loera y María Santa Urra Serna, ordenándose la publicación de un edicto por una sola vez, tanto en el Periódico El Porvenir, así como en el Boletín Judicial del Estado, que se editan en esta Ciudad, por medio del cual se convoque a todas aquellas personas que se crean con derecho a la masa hereditaria, para que comparezcan a deducirlo al local de este juzgado dentro del término de 10 diez días contados a partir del día de la publicación del edicto ordenado. Guadalupe, Nuevo León a 27 veintisiete de noviembre de año 2025 dos mil veinticinco.

FRANCISCO DE JESÚS CASTILLO LEOS
C. SECRETARIO ADSCRITO AL JUZGADO SEGUNDO DE LO FAMILIAR DEL SEGUNDO DISTRITO JUDICIAL
(2)
